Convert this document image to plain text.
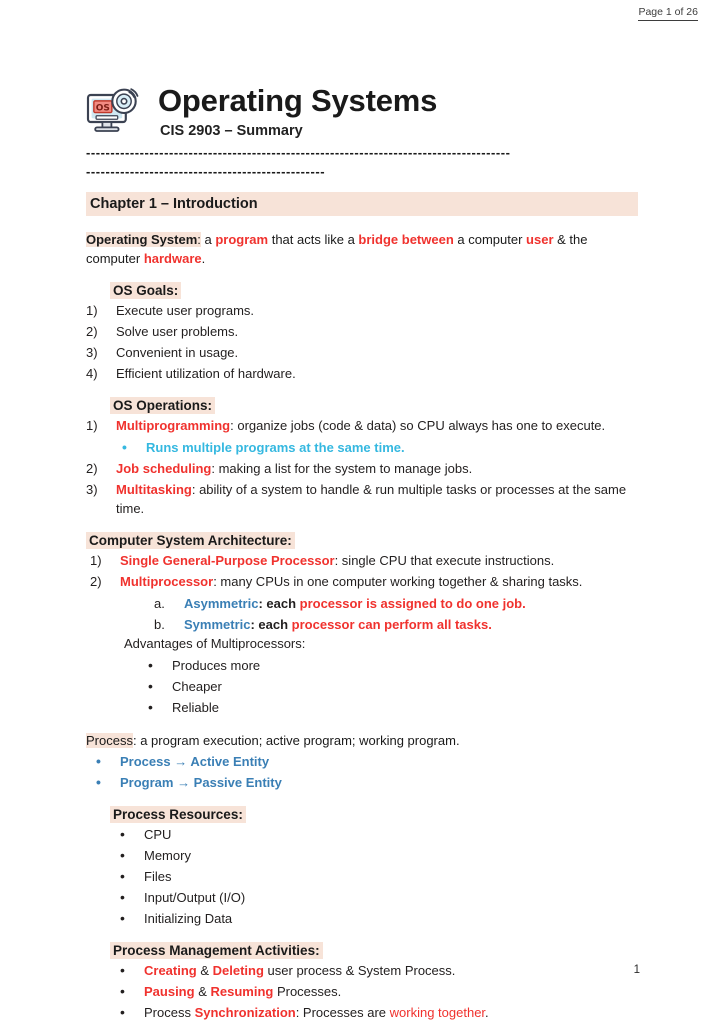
Page 1 of 26
OS Operating Systems
CIS 2903 – Summary
---------------------------------------------------------------------------------------
-------------------------------------------------
Chapter 1 – Introduction

Operating System: a program that acts like a bridge between a computer user & the computer hardware.

OS Goals:
1)	Execute user programs.
2)	Solve user problems.
3)	Convenient in usage.
4)	Efficient utilization of hardware.
OS Operations:
1)	Multiprogramming: organize jobs (code & data) so CPU always has one to execute.
• Runs multiple programs at the same time.
2)	Job scheduling: making a list for the system to manage jobs.
3)	Multitasking: ability of a system to handle & run multiple tasks or processes at the same time.
Computer System Architecture:
1)	Single General-Purpose Processor: single CPU that execute instructions.
2)	Multiprocessor: many CPUs in one computer working together & sharing tasks.
a.	Asymmetric: each processor is assigned to do one job.
b.	Symmetric: each processor can perform all tasks.
Advantages of Multiprocessors:
• Produces more
• Cheaper
• Reliable

Process: a program execution; active program; working program.

• Process → Active Entity
• Program → Passive Entity
Process Resources:
• CPU
• Memory
• Files
• Input/Output (I/O)
• Initializing Data
Process Management Activities:
• Creating & Deleting user process & System Process.
• Pausing & Resuming Processes.
• Process Synchronization: Processes are working together.
1
